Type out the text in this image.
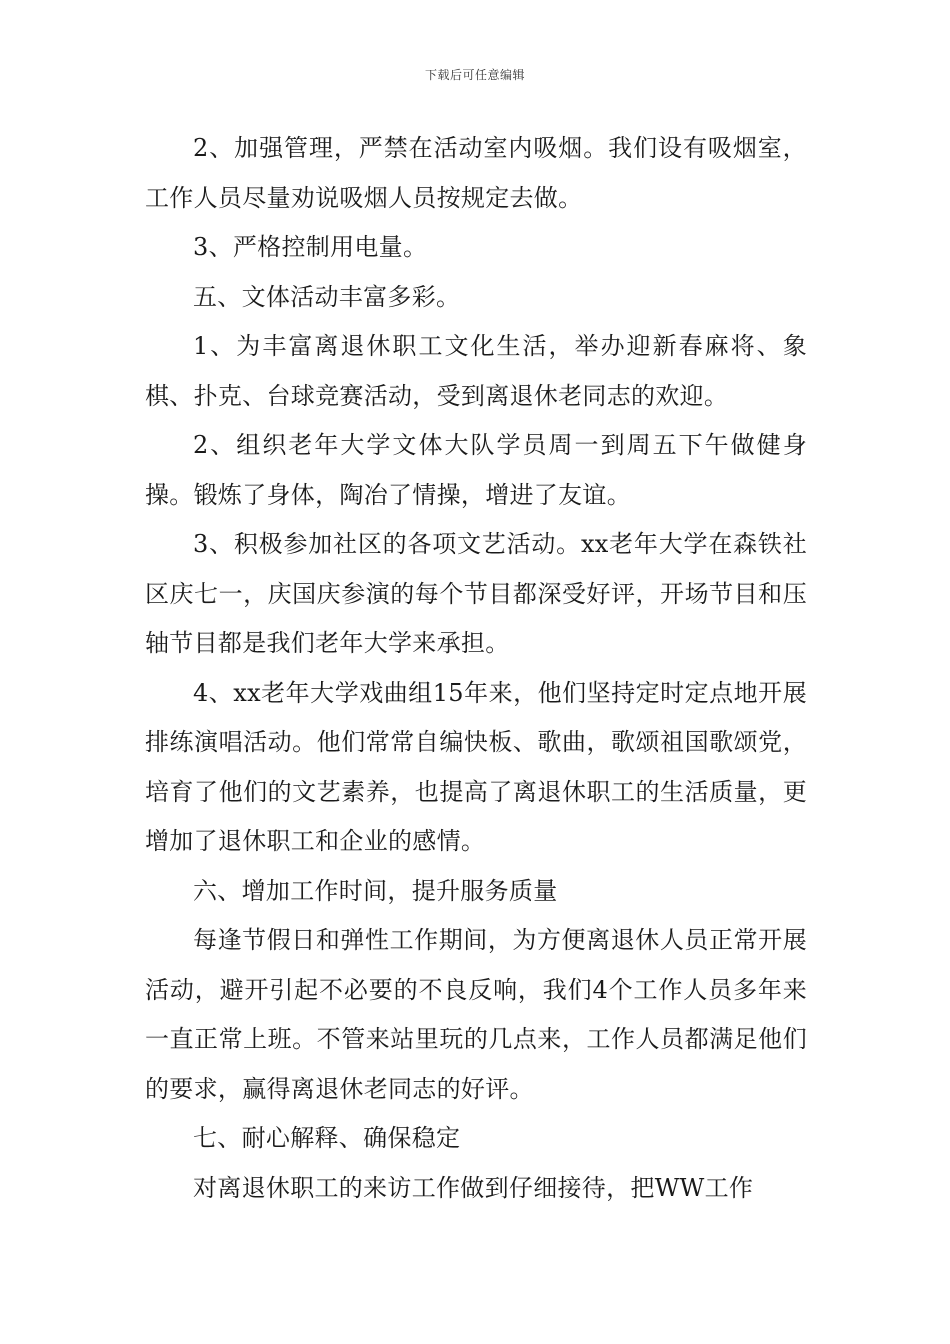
下载后可任意编辑

2、加强管理，严禁在活动室内吸烟。我们设有吸烟室，工作人员尽量劝说吸烟人员按规定去做。

3、严格控制用电量。

五、文体活动丰富多彩。

1、为丰富离退休职工文化生活，举办迎新春麻将、象棋、扑克、台球竞赛活动，受到离退休老同志的欢迎。

2、组织老年大学文体大队学员周一到周五下午做健身操。锻炼了身体，陶冶了情操，增进了友谊。

3、积极参加社区的各项文艺活动。xx老年大学在森铁社区庆七一，庆国庆参演的每个节目都深受好评，开场节目和压轴节目都是我们老年大学来承担。

4、xx老年大学戏曲组15年来，他们坚持定时定点地开展排练演唱活动。他们常常自编快板、歌曲，歌颂祖国歌颂党，培育了他们的文艺素养，也提高了离退休职工的生活质量，更增加了退休职工和企业的感情。

六、增加工作时间，提升服务质量

每逢节假日和弹性工作期间，为方便离退休人员正常开展活动，避开引起不必要的不良反响，我们4个工作人员多年来一直正常上班。不管来站里玩的几点来，工作人员都满足他们的要求，赢得离退休老同志的好评。

七、耐心解释、确保稳定

对离退休职工的来访工作做到仔细接待，把WW工作
